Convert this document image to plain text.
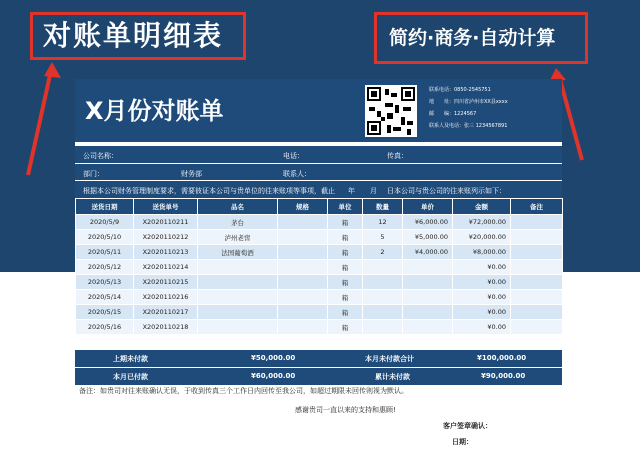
对账单明细表	简约·商务·自动计算
X月份对账单
联系电话：0850-2545751
地　　址：四川省泸州市XX县xxxx
邮　　编：1224567
联系人及电话：张三 1234567891
公司名称：	电话：	传真：
部门：	财务部	联系人：
根据本公司财务管理制度要求，需要彼证本公司与贵单位的往来账项等事项，截止 年 月 日本公司与贵公司的往来账列示如下：
送货日期	送货单号	品名	规格	单位	数量	单价	金额	备注
2020/5/9	X2020110211	茅台		箱	12	¥6,000.00	¥72,000.00	
2020/5/10	X2020110212	泸州老窖		箱	5	¥5,000.00	¥20,000.00	
2020/5/11	X2020110213	法国葡萄酒		箱	2	¥4,000.00	¥8,000.00	
2020/5/12	X2020110214			箱			¥0.00	
2020/5/13	X2020110215			箱			¥0.00	
2020/5/14	X2020110216			箱			¥0.00	
2020/5/15	X2020110217			箱			¥0.00	
2020/5/16	X2020110218			箱			¥0.00	
上期未付款	¥50,000.00	本月未付款合计	¥100,000.00
本月已付款	¥60,000.00	累计未付款	¥90,000.00
备注：如贵司对往来账确认无误，于收到传真三个工作日内回传至我公司，如超过期限未回传则视为默认。
感谢贵司一直以来的支持和惠顾!
客户签章确认：
日期：
